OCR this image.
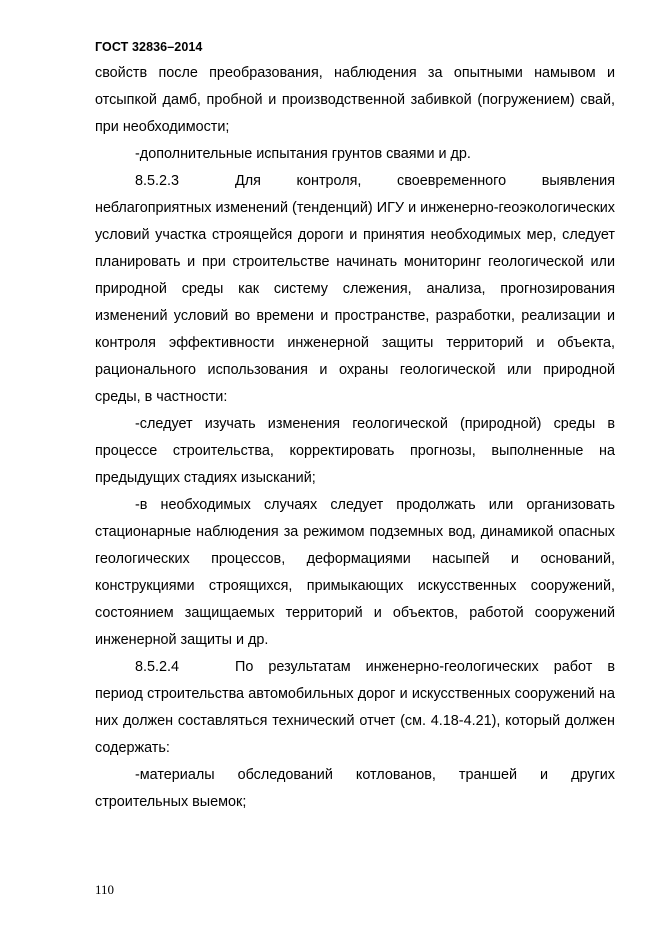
ГОСТ 32836–2014

свойств после преобразования, наблюдения за опытными намывом и отсыпкой дамб, пробной и производственной забивкой (погружением) свай, при необходимости;

-дополнительные испытания грунтов сваями и др.

8.5.2.3	Для контроля, своевременного выявления неблагоприятных изменений (тенденций) ИГУ и инженерно-геоэкологических условий участка строящейся дороги и принятия необходимых мер, следует планировать и при строительстве начинать мониторинг геологической или природной среды как систему слежения, анализа, прогнозирования изменений условий во времени и пространстве, разработки, реализации и контроля эффективности инженерной защиты территорий и объекта, рационального использования и охраны геологической или природной среды, в частности:

-следует изучать изменения геологической (природной) среды в процессе строительства, корректировать прогнозы, выполненные на предыдущих стадиях изысканий;

-в необходимых случаях следует продолжать или организовать стационарные наблюдения за режимом подземных вод, динамикой опасных геологических процессов, деформациями насыпей и оснований, конструкциями строящихся, примыкающих искусственных сооружений, состоянием защищаемых территорий и объектов, работой сооружений инженерной защиты и др.

8.5.2.4	По результатам инженерно-геологических работ в период строительства автомобильных дорог и искусственных сооружений на них должен составляться технический отчет (см. 4.18-4.21), который должен содержать:

-материалы обследований котлованов, траншей и других строительных выемок;

110
